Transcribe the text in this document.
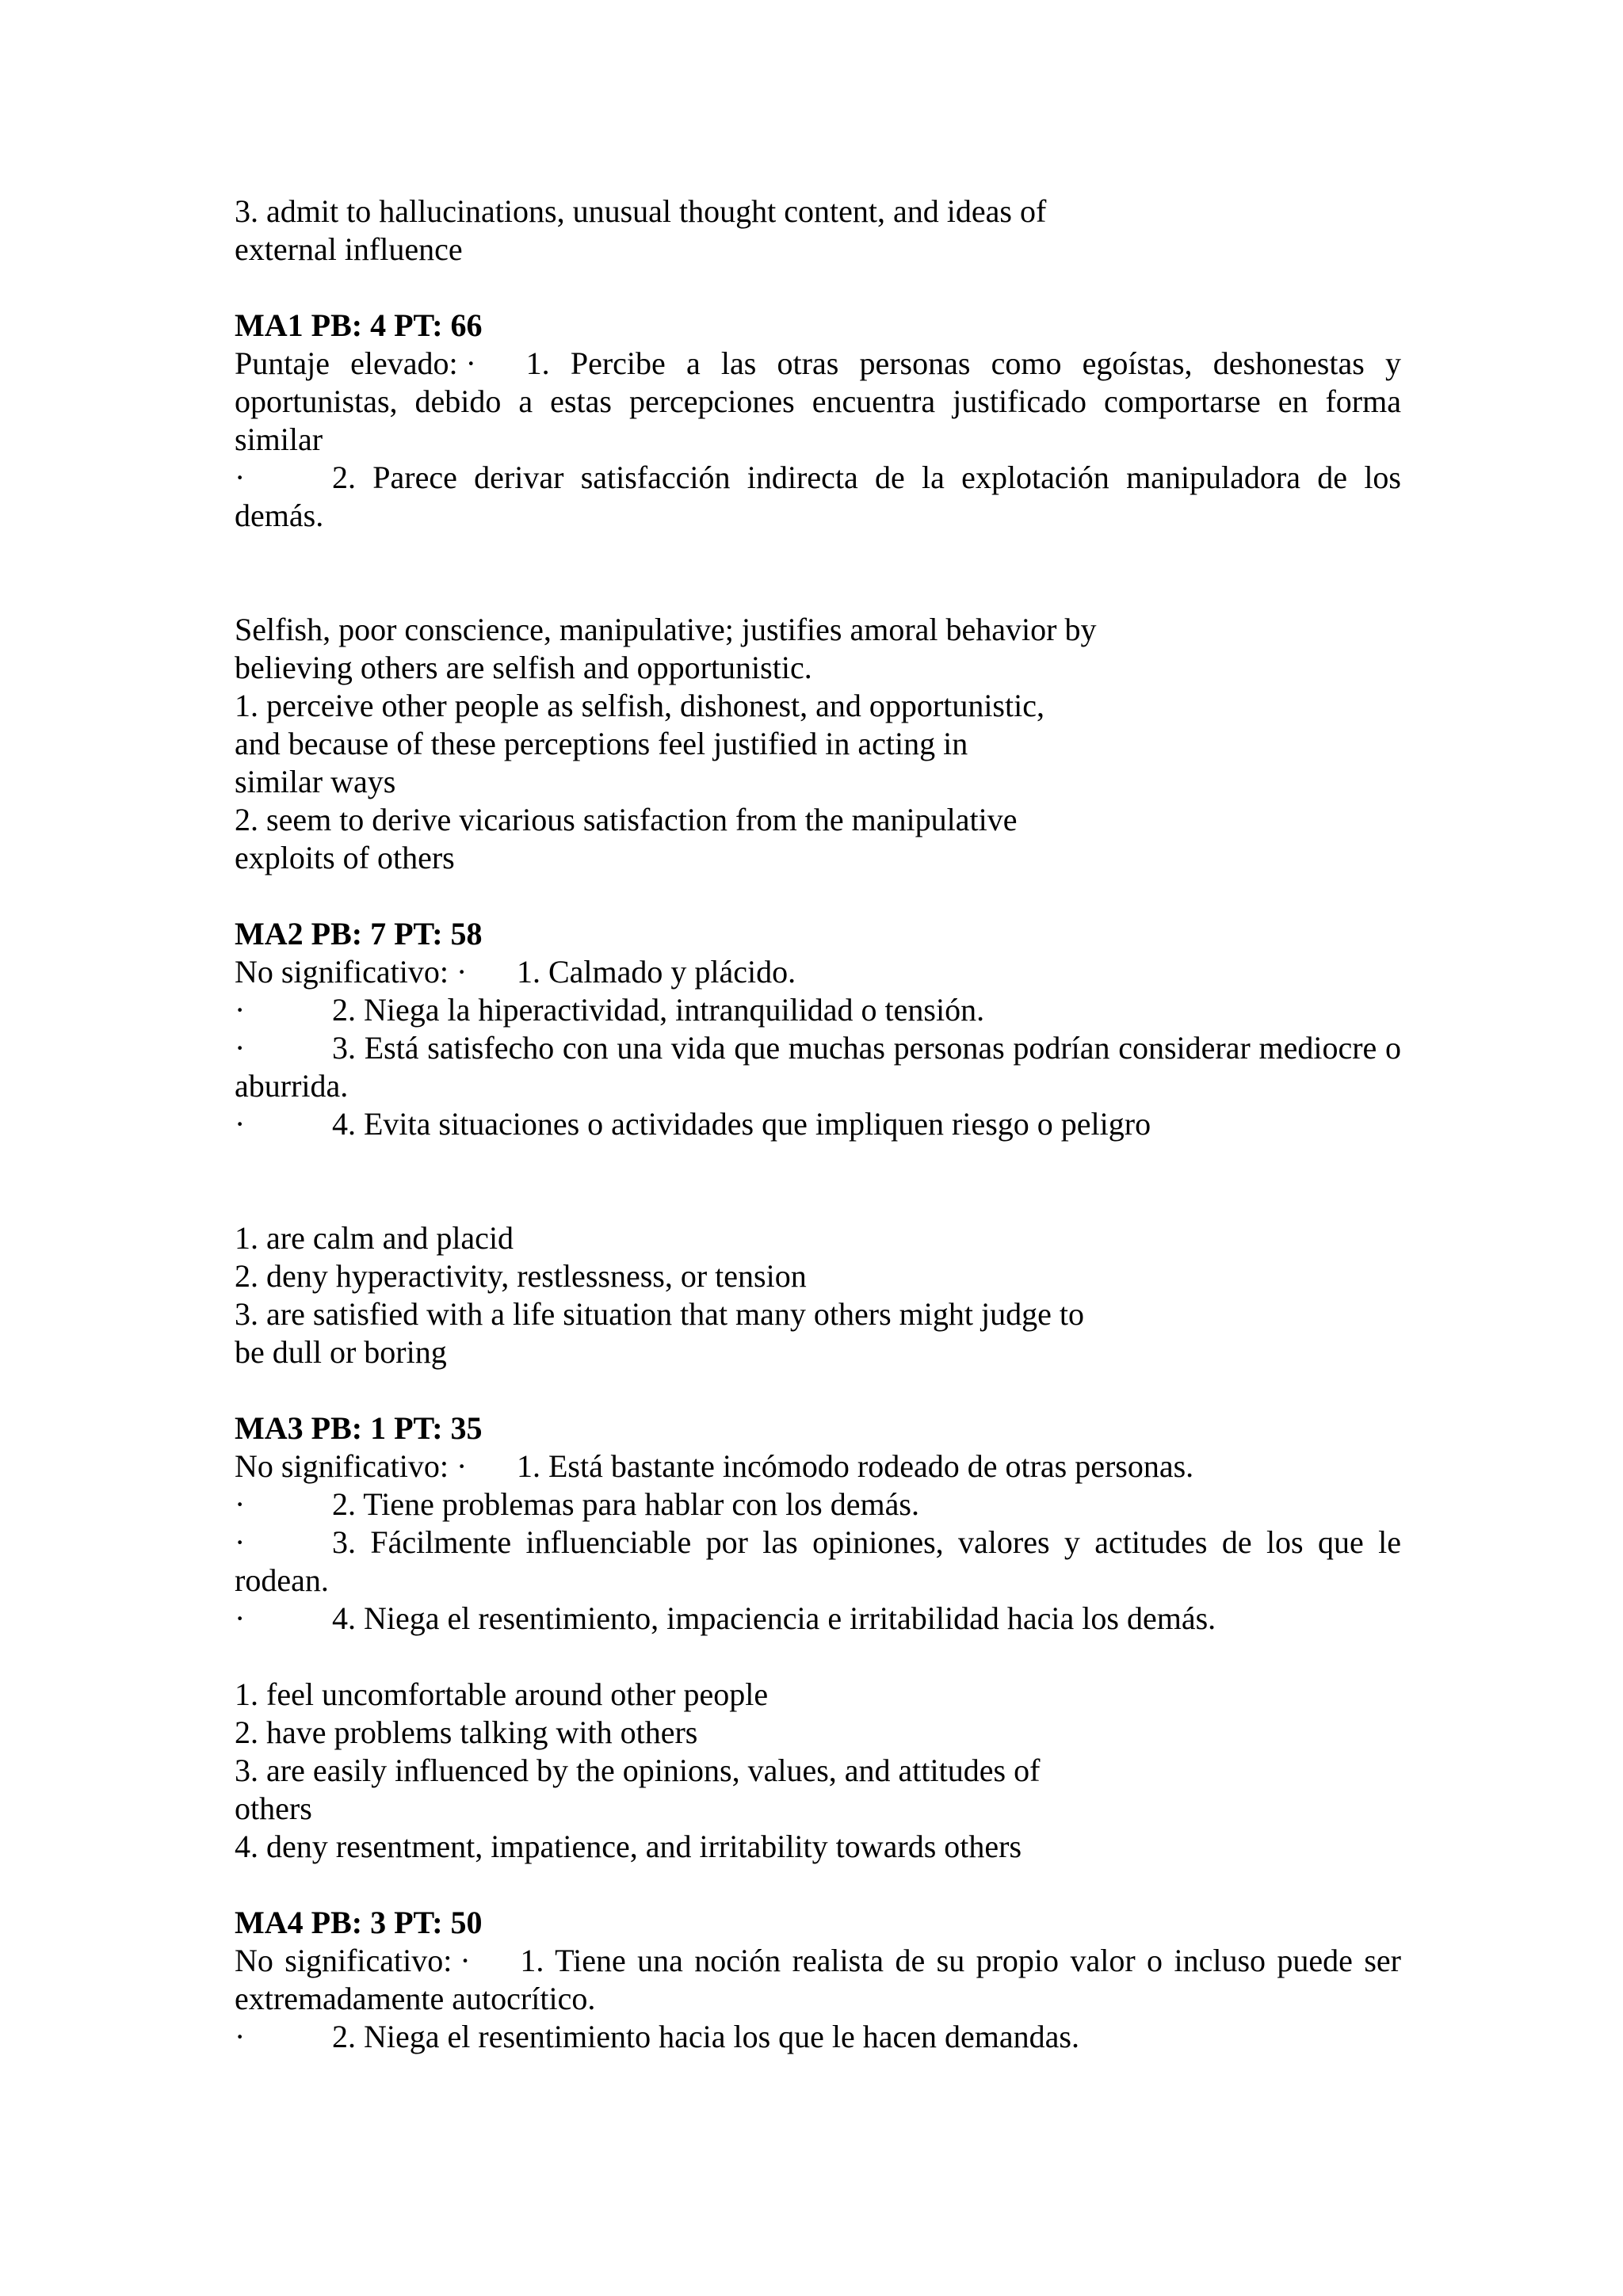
3. admit to hallucinations, unusual thought content, and ideas of
external influence
MA1 PB: 4 PT: 66
Puntaje elevado: · 1. Percibe a las otras personas como egoístas, deshonestas y oportunistas, debido a estas percepciones encuentra justificado comportarse en forma similar
·	2. Parece derivar satisfacción indirecta de la explotación manipuladora de los demás.
Selfish, poor conscience, manipulative; justifies amoral behavior by
believing others are selfish and opportunistic.
1. perceive other people as selfish, dishonest, and opportunistic,
and because of these perceptions feel justified in acting in
similar ways
2. seem to derive vicarious satisfaction from the manipulative
exploits of others
MA2 PB: 7 PT: 58
No significativo: · 1. Calmado y plácido.
·	2. Niega la hiperactividad, intranquilidad o tensión.
·	3. Está satisfecho con una vida que muchas personas podrían considerar mediocre o aburrida.
·	4. Evita situaciones o actividades que impliquen riesgo o peligro
1. are calm and placid
2. deny hyperactivity, restlessness, or tension
3. are satisfied with a life situation that many others might judge to
be dull or boring
MA3 PB: 1 PT: 35
No significativo: · 1. Está bastante incómodo rodeado de otras personas.
·	2. Tiene problemas para hablar con los demás.
·	3. Fácilmente influenciable por las opiniones, valores y actitudes de los que le rodean.
·	4. Niega el resentimiento, impaciencia e irritabilidad hacia los demás.
1. feel uncomfortable around other people
2. have problems talking with others
3. are easily influenced by the opinions, values, and attitudes of
others
4. deny resentment, impatience, and irritability towards others
MA4 PB: 3 PT: 50
No significativo: · 1. Tiene una noción realista de su propio valor o incluso puede ser extremadamente autocrítico.
·	2. Niega el resentimiento hacia los que le hacen demandas.
